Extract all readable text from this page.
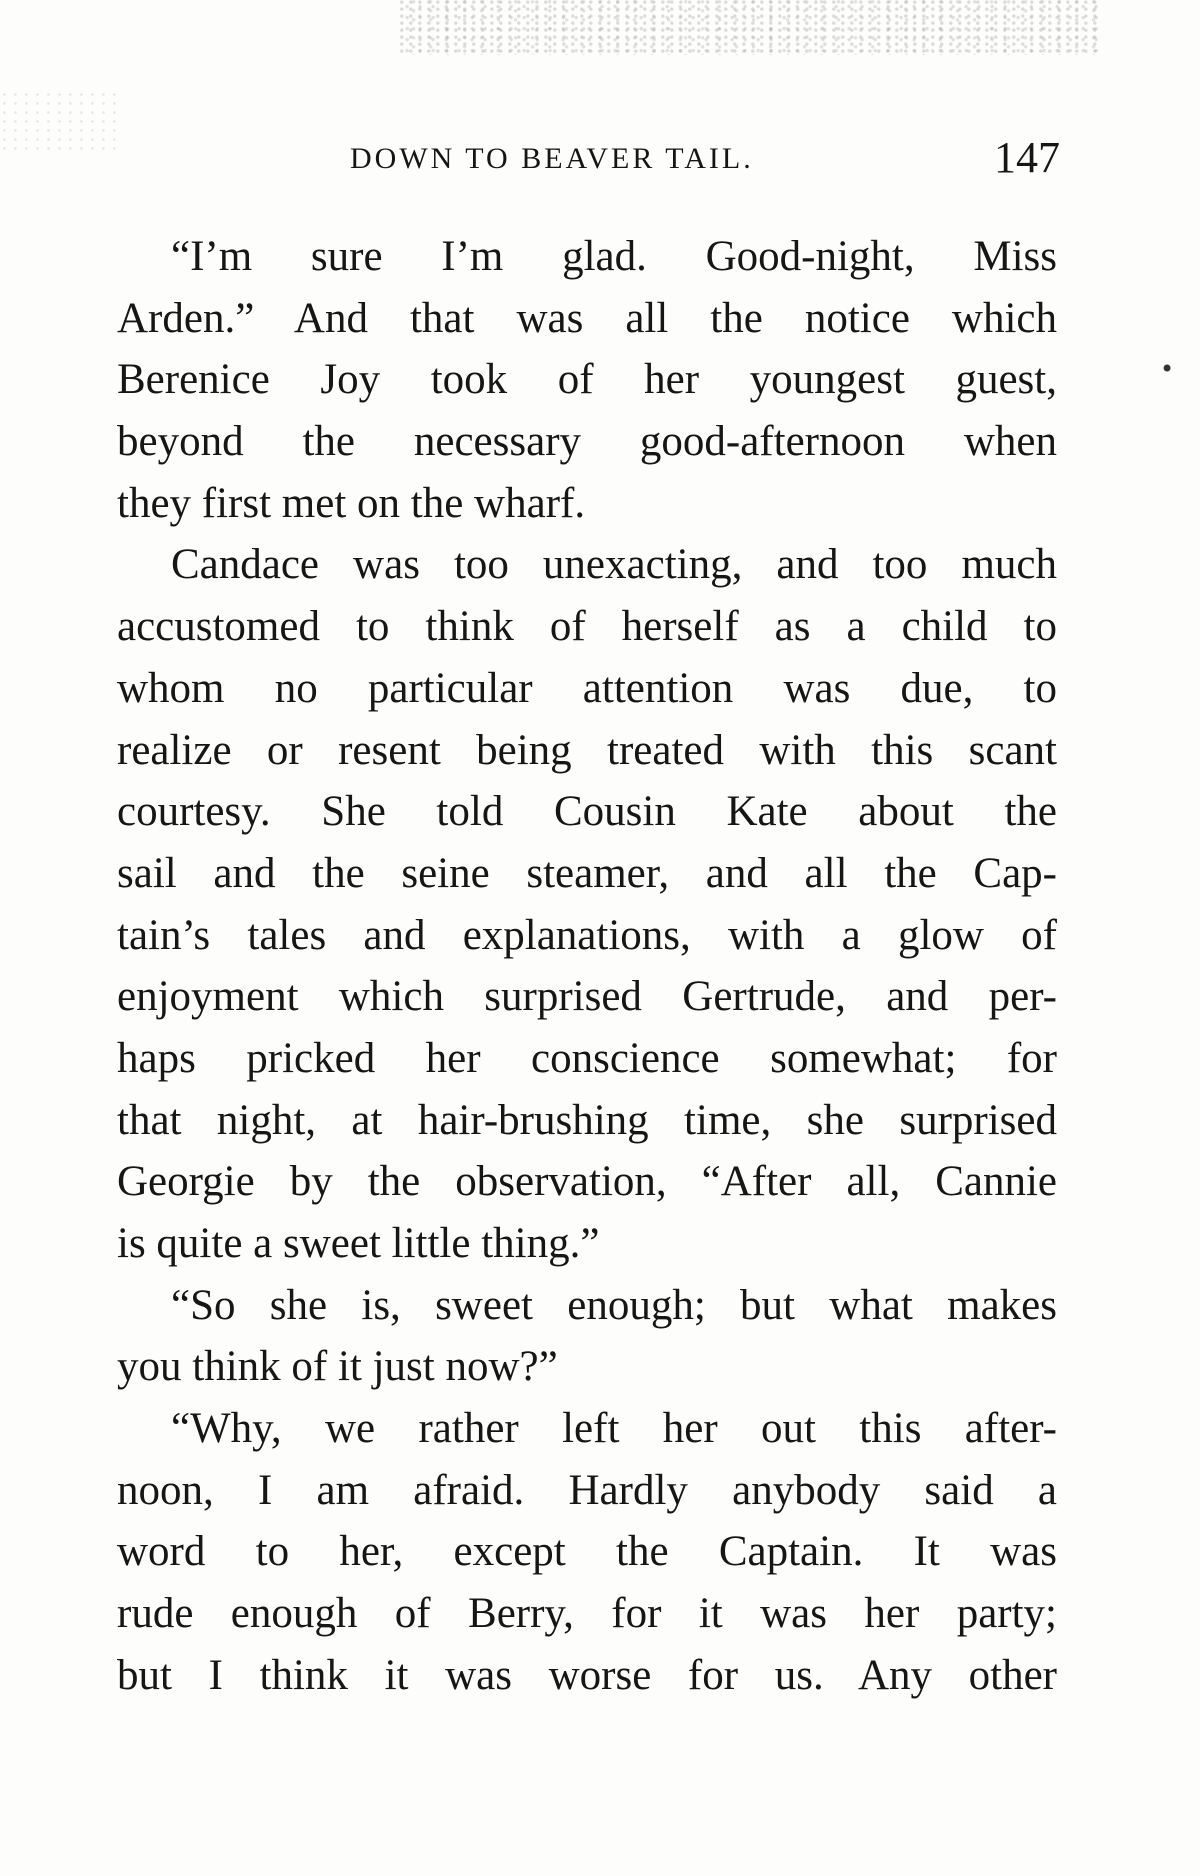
DOWN TO BEAVER TAIL.	147
“I’m sure I’m glad. Good-night, Miss
Arden.” And that was all the notice which
Berenice Joy took of her youngest guest,
beyond the necessary good-afternoon when
they first met on the wharf.
Candace was too unexacting, and too much
accustomed to think of herself as a child to
whom no particular attention was due, to
realize or resent being treated with this scant
courtesy. She told Cousin Kate about the
sail and the seine steamer, and all the Cap-
tain’s tales and explanations, with a glow of
enjoyment which surprised Gertrude, and per-
haps pricked her conscience somewhat; for
that night, at hair-brushing time, she surprised
Georgie by the observation, “After all, Cannie
is quite a sweet little thing.”
“So she is, sweet enough; but what makes
you think of it just now?”
“Why, we rather left her out this after-
noon, I am afraid. Hardly anybody said a
word to her, except the Captain. It was
rude enough of Berry, for it was her party;
but I think it was worse for us. Any other
•
